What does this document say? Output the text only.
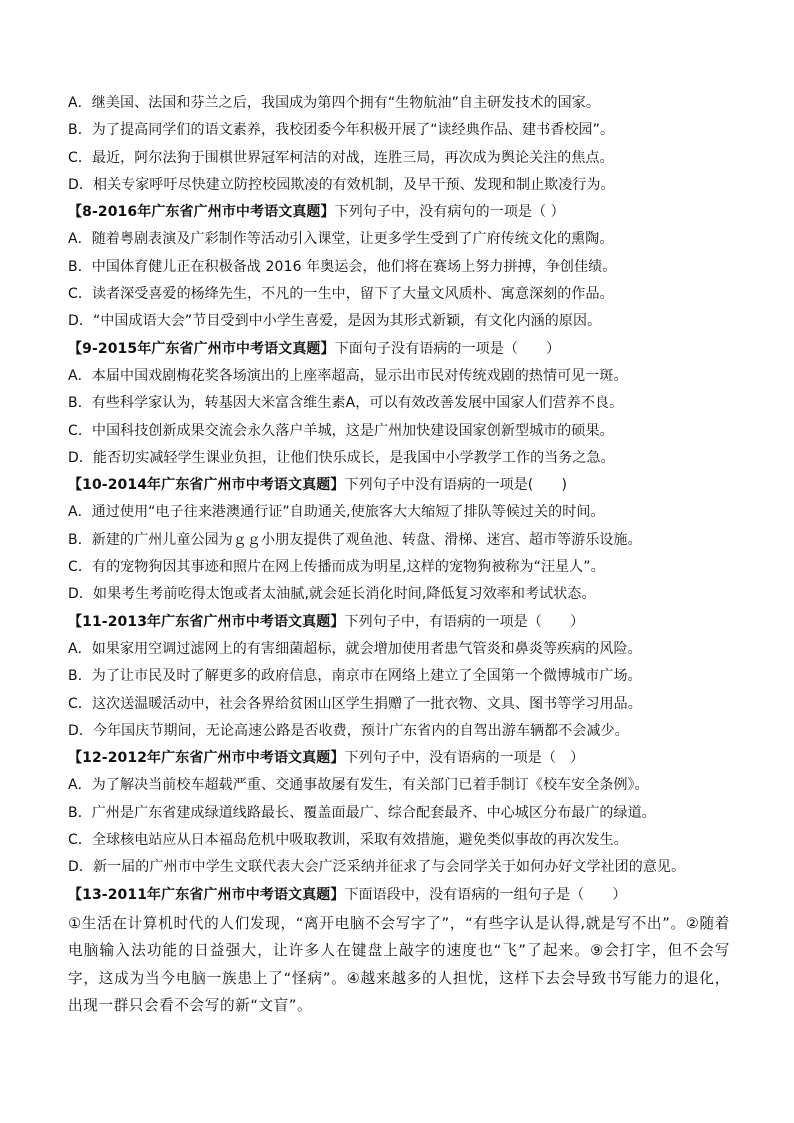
A．继美国、法国和芬兰之后，我国成为第四个拥有“生物航油”自主研发技术的国家。
B．为了提高同学们的语文素养，我校团委今年积极开展了“读经典作品、建书香校园”。
C．最近，阿尔法狗于围棋世界冠军柯洁的对战，连胜三局，再次成为舆论关注的焦点。
D．相关专家呼吁尽快建立防控校园欺凌的有效机制，及早干预、发现和制止欺凌行为。
【8-2016年广东省广州市中考语文真题】下列句子中，没有病句的一项是（ ）
A．随着粤剧表演及广彩制作等活动引入课堂，让更多学生受到了广府传统文化的熏陶。
B．中国体育健儿正在积极备战 2016 年奥运会，他们将在赛场上努力拼搏，争创佳绩。
C．读者深受喜爱的杨绛先生，不凡的一生中，留下了大量文风质朴、寓意深刻的作品。
D．“中国成语大会”节目受到中小学生喜爱，是因为其形式新颖，有文化内涵的原因。
【9-2015年广东省广州市中考语文真题】下面句子没有语病的一项是（　　）
A．本届中国戏剧梅花奖各场演出的上座率超高，显示出市民对传统戏剧的热情可见一斑。
B．有些科学家认为，转基因大米富含维生素A，可以有效改善发展中国家人们营养不良。
C．中国科技创新成果交流会永久落户羊城，这是广州加快建设国家创新型城市的硕果。
D．能否切实减轻学生课业负担，让他们快乐成长，是我国中小学教学工作的当务之急。
【10-2014年广东省广州市中考语文真题】下列句子中没有语病的一项是(　　)
A．通过使用“电子往来港澳通行证”自助通关,使旅客大大缩短了排队等候过关的时间。
B．新建的广州儿童公园为ｇｇ小朋友提供了观鱼池、转盘、滑梯、迷宫、超市等游乐设施。
C．有的宠物狗因其事迹和照片在网上传播而成为明星,这样的宠物狗被称为“汪星人”。
D．如果考生考前吃得太饱或者太油腻,就会延长消化时间,降低复习效率和考试状态。
【11-2013年广东省广州市中考语文真题】下列句子中，有语病的一项是（　　）
A．如果家用空调过滤网上的有害细菌超标，就会增加使用者患气管炎和鼻炎等疾病的风险。
B．为了让市民及时了解更多的政府信息，南京市在网络上建立了全国第一个微博城市广场。
C．这次送温暖活动中，社会各界给贫困山区学生捐赠了一批衣物、文具、图书等学习用品。
D．今年国庆节期间，无论高速公路是否收费，预计广东省内的自驾出游车辆都不会减少。
【12-2012年广东省广州市中考语文真题】下列句子中，没有语病的一项是（　）
A．为了解决当前校车超载严重、交通事故屡有发生，有关部门已着手制订《校车安全条例》。
B．广州是广东省建成绿道线路最长、覆盖面最广、综合配套最齐、中心城区分布最广的绿道。
C．全球核电站应从日本福岛危机中吸取教训，采取有效措施，避免类似事故的再次发生。
D．新一届的广州市中学生文联代表大会广泛采纳并征求了与会同学关于如何办好文学社团的意见。
【13-2011年广东省广州市中考语文真题】下面语段中，没有语病的一组句子是（　　）
①生活在计算机时代的人们发现，“离开电脑不会写字了”，“有些字认是认得,就是写不出”。②随着电脑输入法功能的日益强大，让许多人在键盘上敲字的速度也“飞”了起来。⑨会打字，但不会写字，这成为当今电脑一族患上了“怪病”。④越来越多的人担忧，这样下去会导致书写能力的退化，出现一群只会看不会写的新“文盲”。
